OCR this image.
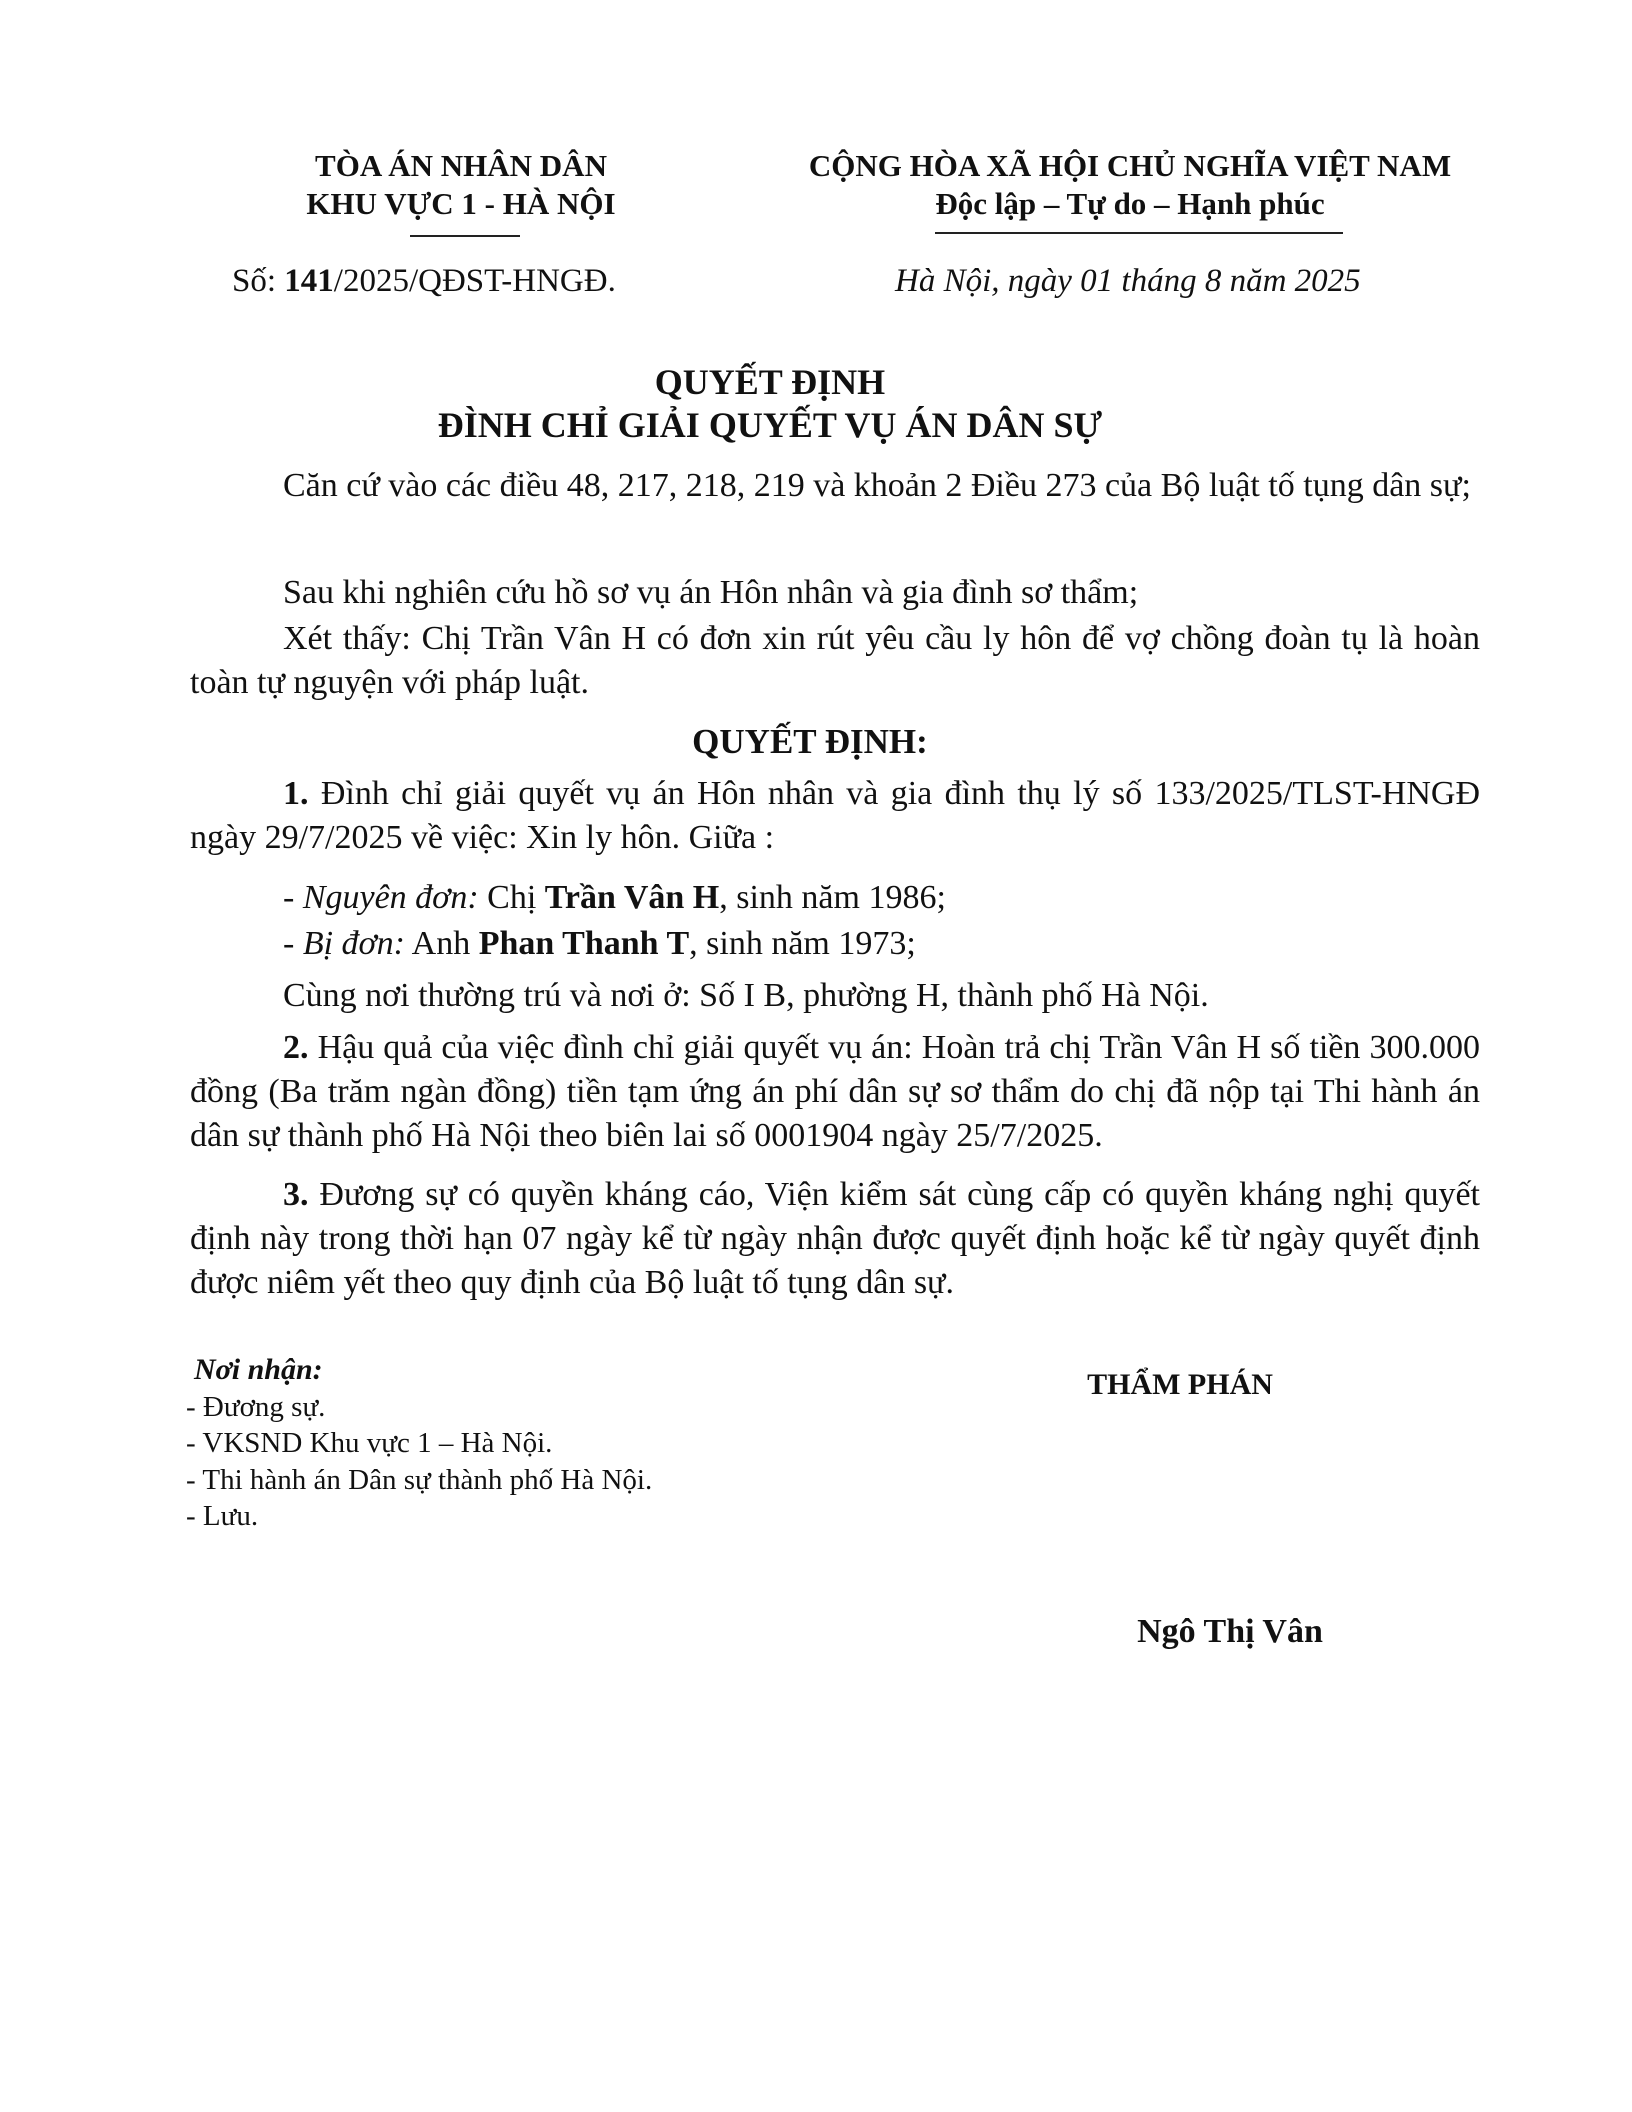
TÒA ÁN NHÂN DÂN
KHU VỰC 1 - HÀ NỘI
CỘNG HÒA XÃ HỘI CHỦ NGHĨA VIỆT NAM
Độc lập – Tự do – Hạnh phúc
Số: 141/2025/QĐST-HNGĐ.	Hà Nội, ngày 01 tháng 8 năm 2025
QUYẾT ĐỊNH
ĐÌNH CHỈ GIẢI QUYẾT VỤ ÁN DÂN SỰ
Căn cứ vào các điều 48, 217, 218, 219 và khoản 2 Điều 273 của Bộ luật tố tụng dân sự;
Sau khi nghiên cứu hồ sơ vụ án Hôn nhân và gia đình sơ thẩm;
Xét thấy: Chị Trần Vân H có đơn xin rút yêu cầu ly hôn để vợ chồng đoàn tụ là hoàn toàn tự nguyện với pháp luật.
QUYẾT ĐỊNH:
1. Đình chỉ giải quyết vụ án Hôn nhân và gia đình thụ lý số 133/2025/TLST-HNGĐ ngày 29/7/2025 về việc: Xin ly hôn. Giữa :
- Nguyên đơn: Chị Trần Vân H, sinh năm 1986;
- Bị đơn: Anh Phan Thanh T, sinh năm 1973;
Cùng nơi thường trú và nơi ở: Số I B, phường H, thành phố Hà Nội.
2. Hậu quả của việc đình chỉ giải quyết vụ án: Hoàn trả chị Trần Vân H số tiền 300.000 đồng (Ba trăm ngàn đồng) tiền tạm ứng án phí dân sự sơ thẩm do chị đã nộp tại Thi hành án dân sự thành phố Hà Nội theo biên lai số 0001904 ngày 25/7/2025.
3. Đương sự có quyền kháng cáo, Viện kiểm sát cùng cấp có quyền kháng nghị quyết định này trong thời hạn 07 ngày kể từ ngày nhận được quyết định hoặc kể từ ngày quyết định được niêm yết theo quy định của Bộ luật tố tụng dân sự.
Nơi nhận:
- Đương sự.
- VKSND Khu vực 1 – Hà Nội.
- Thi hành án Dân sự thành phố Hà Nội.
- Lưu.
THẨM PHÁN
Ngô Thị Vân
